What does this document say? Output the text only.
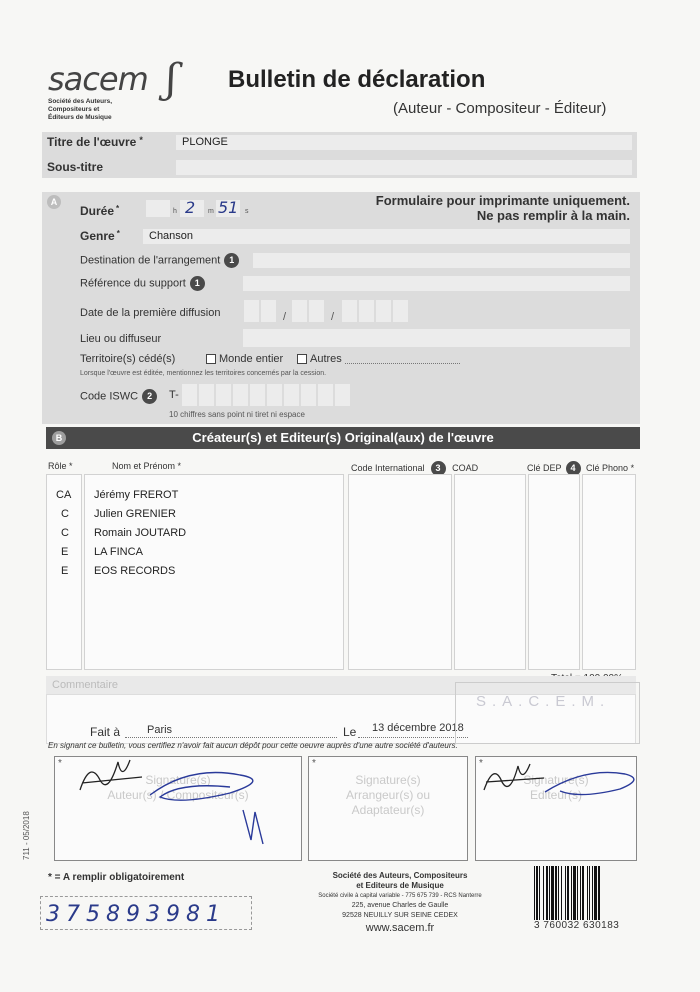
sacem ʃ
Société des Auteurs,
Compositeurs et
Éditeurs de Musique
Bulletin de déclaration
(Auteur - Compositeur - Éditeur)
Titre de l'œuvre *	PLONGE
Sous-titre
A	Formulaire pour imprimante uniquement.
Ne pas remplir à la main.
Durée *	h 2 m 51 s
Genre *	Chanson
Destination de l'arrangement 1
Référence du support 1
Date de la première diffusion	/	/
Lieu ou diffuseur
Territoire(s) cédé(s)	Monde entier	Autres
Lorsque l'œuvre est éditée, mentionnez les territoires concernés par la cession.
Code ISWC 2	T-
10 chiffres sans point ni tiret ni espace
Créateur(s) et Editeur(s) Original(aux) de l'œuvre
B
Rôle *	Nom et Prénom *	Code International 3 COAD	Clé DEP 4 Clé Phono *
CA Jérémy FREROT
C Julien GRENIER
C Romain JOUTARD
E LA FINCA
E EOS RECORDS
Commentaire
Fait à Paris	Le 13 décembre 2018
En signant ce bulletin, vous certifiez n'avoir fait aucun dépôt pour cette oeuvre auprès d'une autre société d'auteurs.
S.A.C.E.M.
*
Signature(s)
Auteur(s) / Compositeur(s)
*
Signature(s)
Arrangeur(s) ou
Adaptateur(s)
*
Signature(s)
Editeur(s)
711 - 05/2018
* = A remplir obligatoirement
375893981
Société des Auteurs, Compositeurs
et Editeurs de Musique
Société civile à capital variable - 775 675 739 - RCS Nanterre
225, avenue Charles de Gaulle
92528 NEUILLY SUR SEINE CEDEX
www.sacem.fr	3 760032 630183
